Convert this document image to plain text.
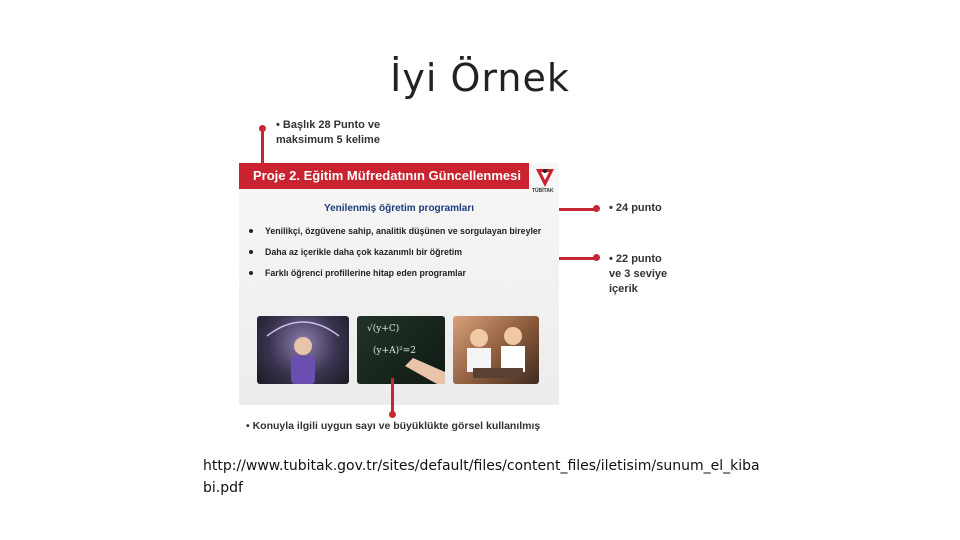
İyi Örnek
• Başlık 28 Punto ve maksimum 5 kelime
Proje 2. Eğitim Müfredatının Güncellenmesi
TÜBİTAK
Yenilenmiş öğretim programları
Yenilikçi, özgüvene sahip, analitik düşünen ve sorgulayan bireyler
Daha az içerikle daha çok kazanımlı bir öğretim
Farklı öğrenci profillerine hitap eden programlar
√(y+C)
(y+A)²=2
• 24 punto
• 22 punto ve 3 seviye içerik
• Konuyla ilgili uygun sayı ve büyüklükte görsel kullanılmış
http://www.tubitak.gov.tr/sites/default/files/content_files/iletisim/sunum_el_kibabi.pdf
